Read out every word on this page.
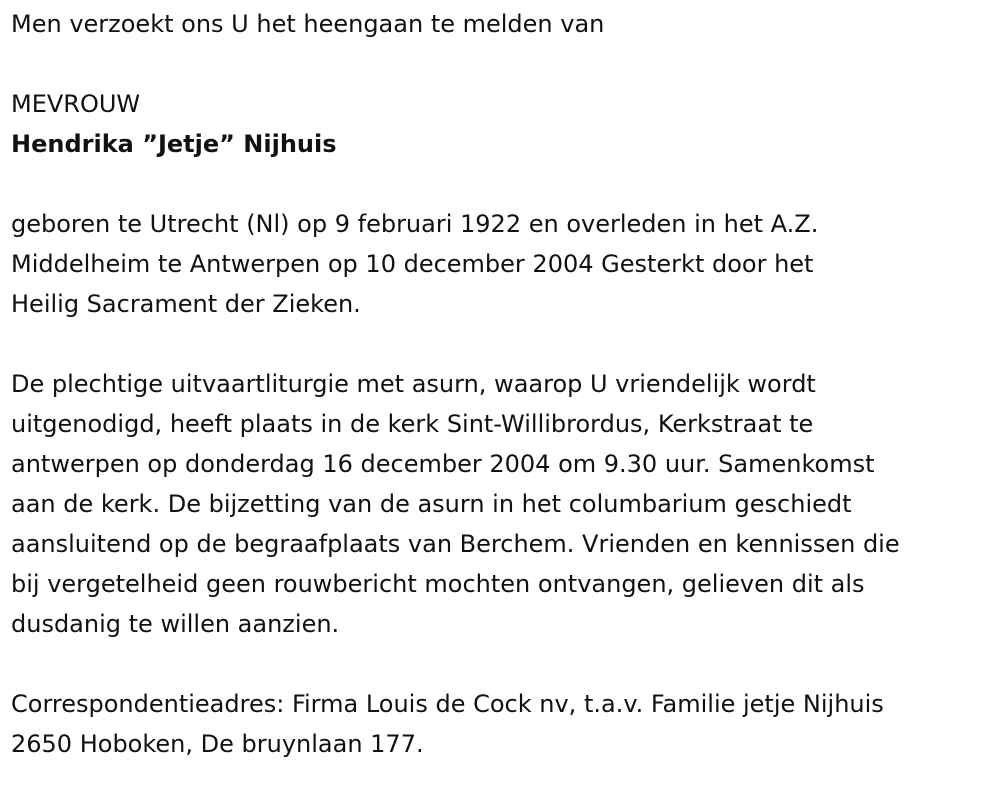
Men verzoekt ons U het heengaan te melden van

MEVROUW

Hendrika ”Jetje” Nijhuis

geboren te Utrecht (Nl) op 9 februari 1922 en overleden in het A.Z.
Middelheim te Antwerpen op 10 december 2004 Gesterkt door het
Heilig Sacrament der Zieken.
De plechtige uitvaartliturgie met asurn, waarop U vriendelijk wordt
uitgenodigd, heeft plaats in de kerk Sint-Willibrordus, Kerkstraat te
antwerpen op donderdag 16 december 2004 om 9.30 uur. Samenkomst
aan de kerk. De bijzetting van de asurn in het columbarium geschiedt
aansluitend op de begraafplaats van Berchem. Vrienden en kennissen die
bij vergetelheid geen rouwbericht mochten ontvangen, gelieven dit als
dusdanig te willen aanzien.
Correspondentieadres: Firma Louis de Cock nv, t.a.v. Familie jetje Nijhuis
2650 Hoboken, De bruynlaan 177.
